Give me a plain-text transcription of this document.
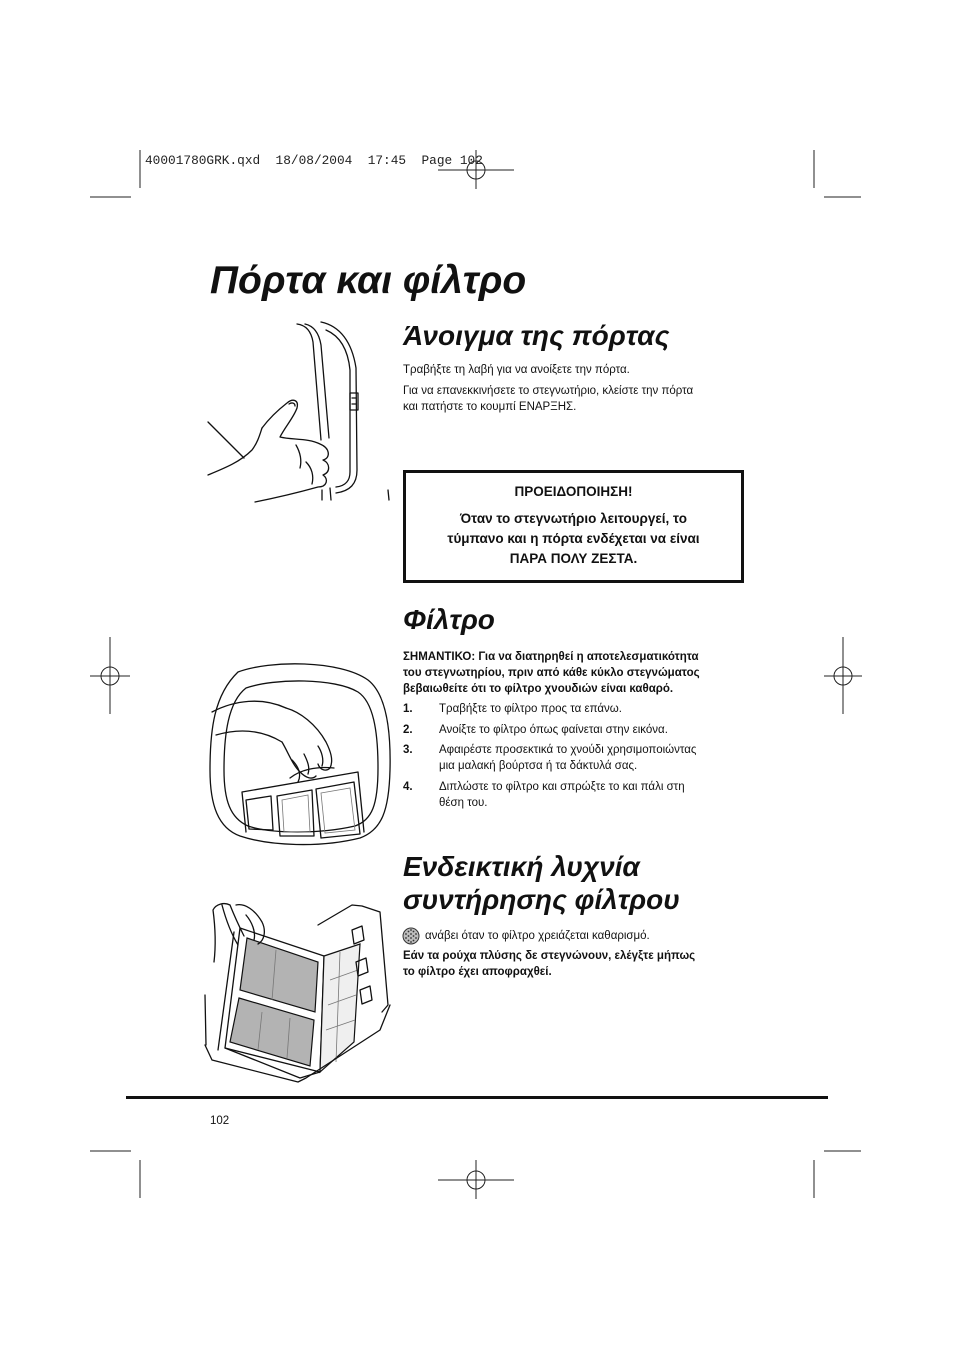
40001780GRK.qxd  18/08/2004  17:45  Page 102
Πόρτα και φίλτρο
Άνοιγμα της πόρτας
Τραβήξτε τη λαβή για να ανοίξετε την πόρτα.
Για να επανεκκινήσετε το στεγνωτήριο, κλείστε την πόρτα
και πατήστε το κουμπί ΕΝΑΡΞΗΣ.
ΠΡΟΕΙΔΟΠΟΙΗΣΗ!
Όταν το στεγνωτήριο λειτουργεί, το
τύμπανο και η πόρτα ενδέχεται να είναι
ΠΑΡΑ ΠΟΛΥ ΖΕΣΤΑ.
Φίλτρο
ΣΗΜΑΝΤΙΚΟ: Για να διατηρηθεί η αποτελεσματικότητα
του στεγνωτηρίου, πριν από κάθε κύκλο στεγνώματος
βεβαιωθείτε ότι το φίλτρο χνουδιών είναι καθαρό.
1. Τραβήξτε το φίλτρο προς τα επάνω.
2. Ανοίξτε το φίλτρο όπως φαίνεται στην εικόνα.
3. Αφαιρέστε προσεκτικά το χνούδι χρησιμοποιώντας
μια μαλακή βούρτσα ή τα δάκτυλά σας.
4. Διπλώστε το φίλτρο και σπρώξτε το και πάλι στη
θέση του.
Ενδεικτική λυχνία
συντήρησης φίλτρου
ανάβει όταν το φίλτρο χρειάζεται καθαρισμό.
Εάν τα ρούχα πλύσης δε στεγνώνουν, ελέγξτε μήπως
το φίλτρο έχει αποφραχθεί.
102
